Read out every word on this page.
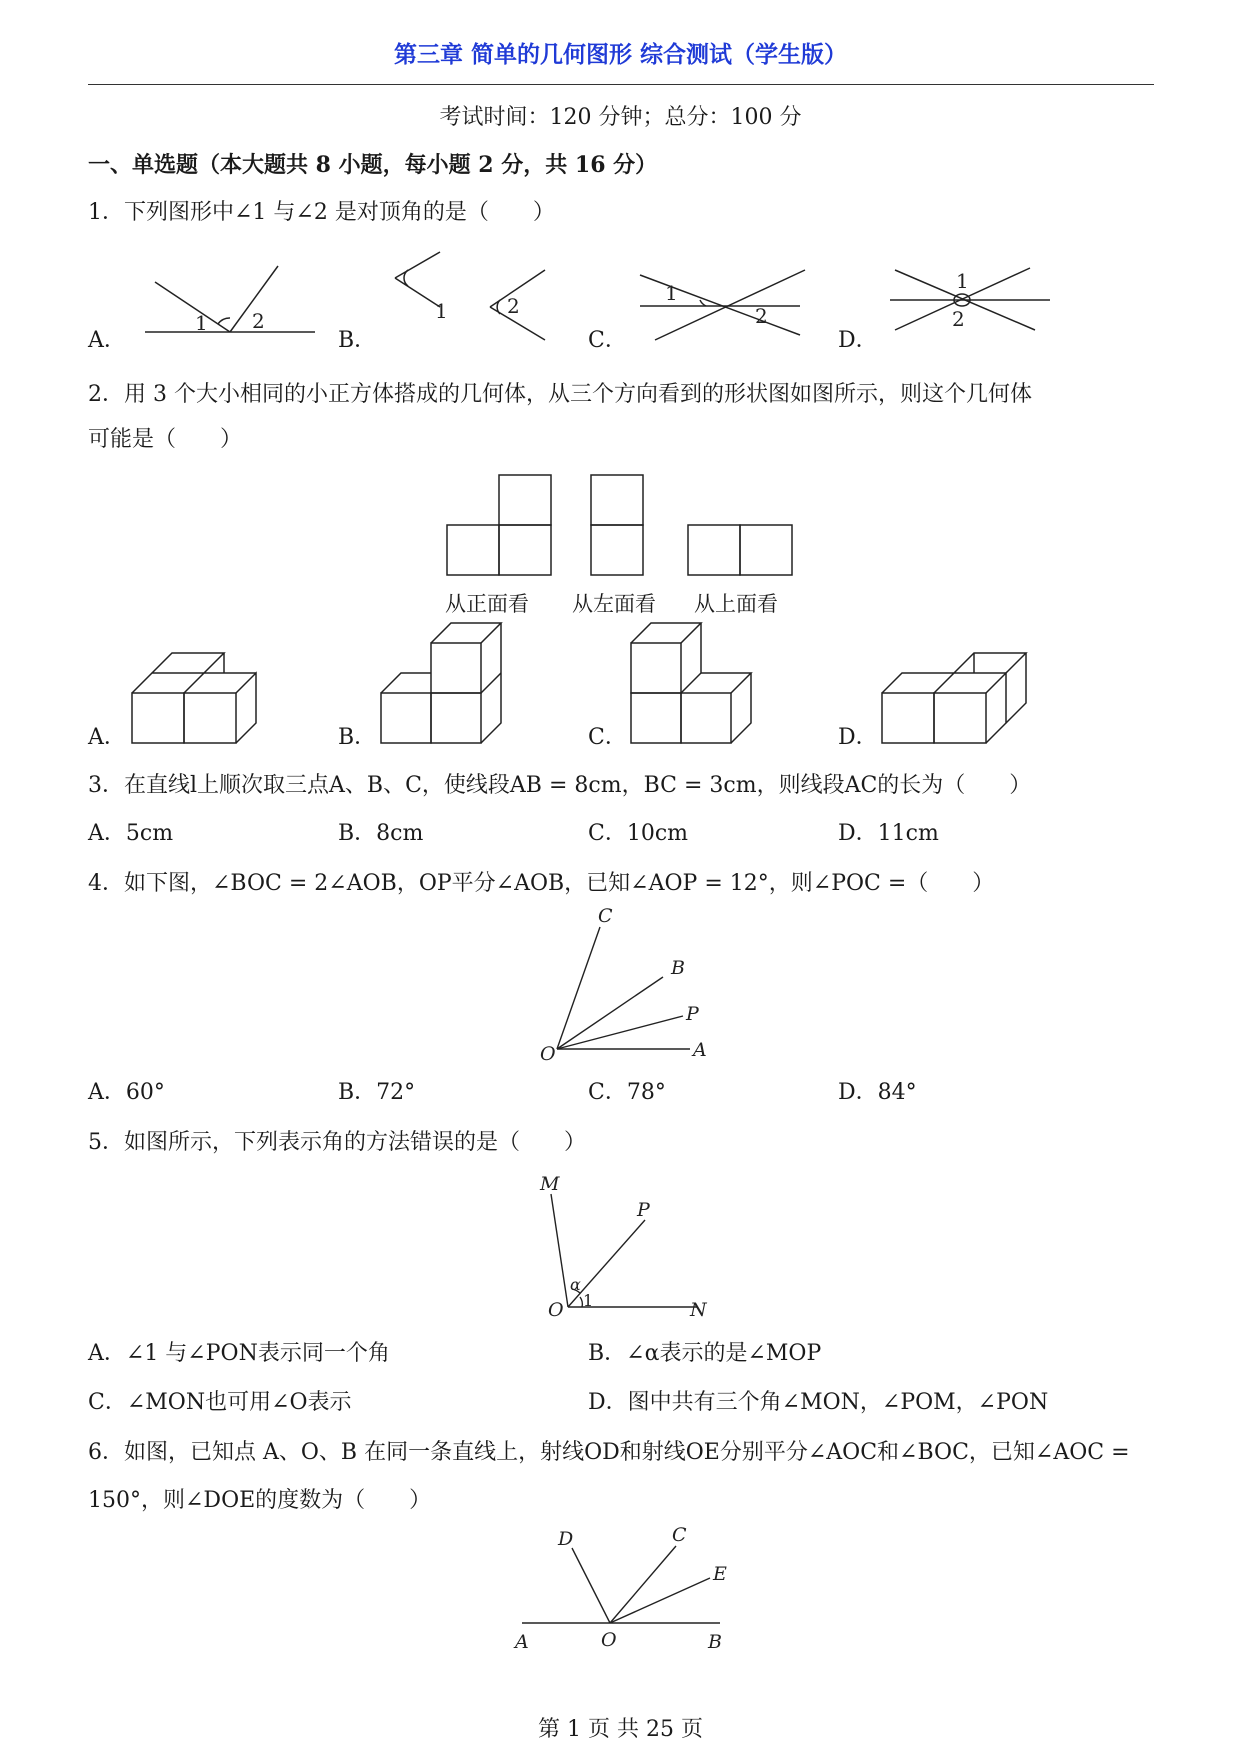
第三章 简单的几何图形 综合测试（学生版）
考试时间：120 分钟；总分：100 分
一、单选题（本大题共 8 小题，每小题 2 分，共 16 分）
1．下列图形中∠1 与∠2 是对顶角的是（　　）
A．	B．	C．	D．
1 2	1	2
1
2
1
2
C
B
P
O	A
M
P
α
1
O	N
D	C
E
A	O	B
2．用 3 个大小相同的小正方体搭成的几何体，从三个方向看到的形状图如图所示，则这个几何体
可能是（　　）
从正面看 从左面看 从上面看
A．	B．	C．	D．
3．在直线l上顺次取三点A、B、C，使线段AB = 8cm，BC = 3cm，则线段AC的长为（　　）
A．5cm	B．8cm	C．10cm	D．11cm
4．如下图，∠BOC = 2∠AOB，OP平分∠AOB，已知∠AOP = 12°，则∠POC =（　　）
A．60°	B．72°	C．78°	D．84°
5．如图所示，下列表示角的方法错误的是（　　）
A．∠1 与∠PON表示同一个角	B．∠α表示的是∠MOP
C．∠MON也可用∠O表示	D．图中共有三个角∠MON，∠POM，∠PON
6．如图，已知点 A、O、B 在同一条直线上，射线OD和射线OE分别平分∠AOC和∠BOC，已知∠AOC =
150°，则∠DOE的度数为（　　）
第 1 页 共 25 页
